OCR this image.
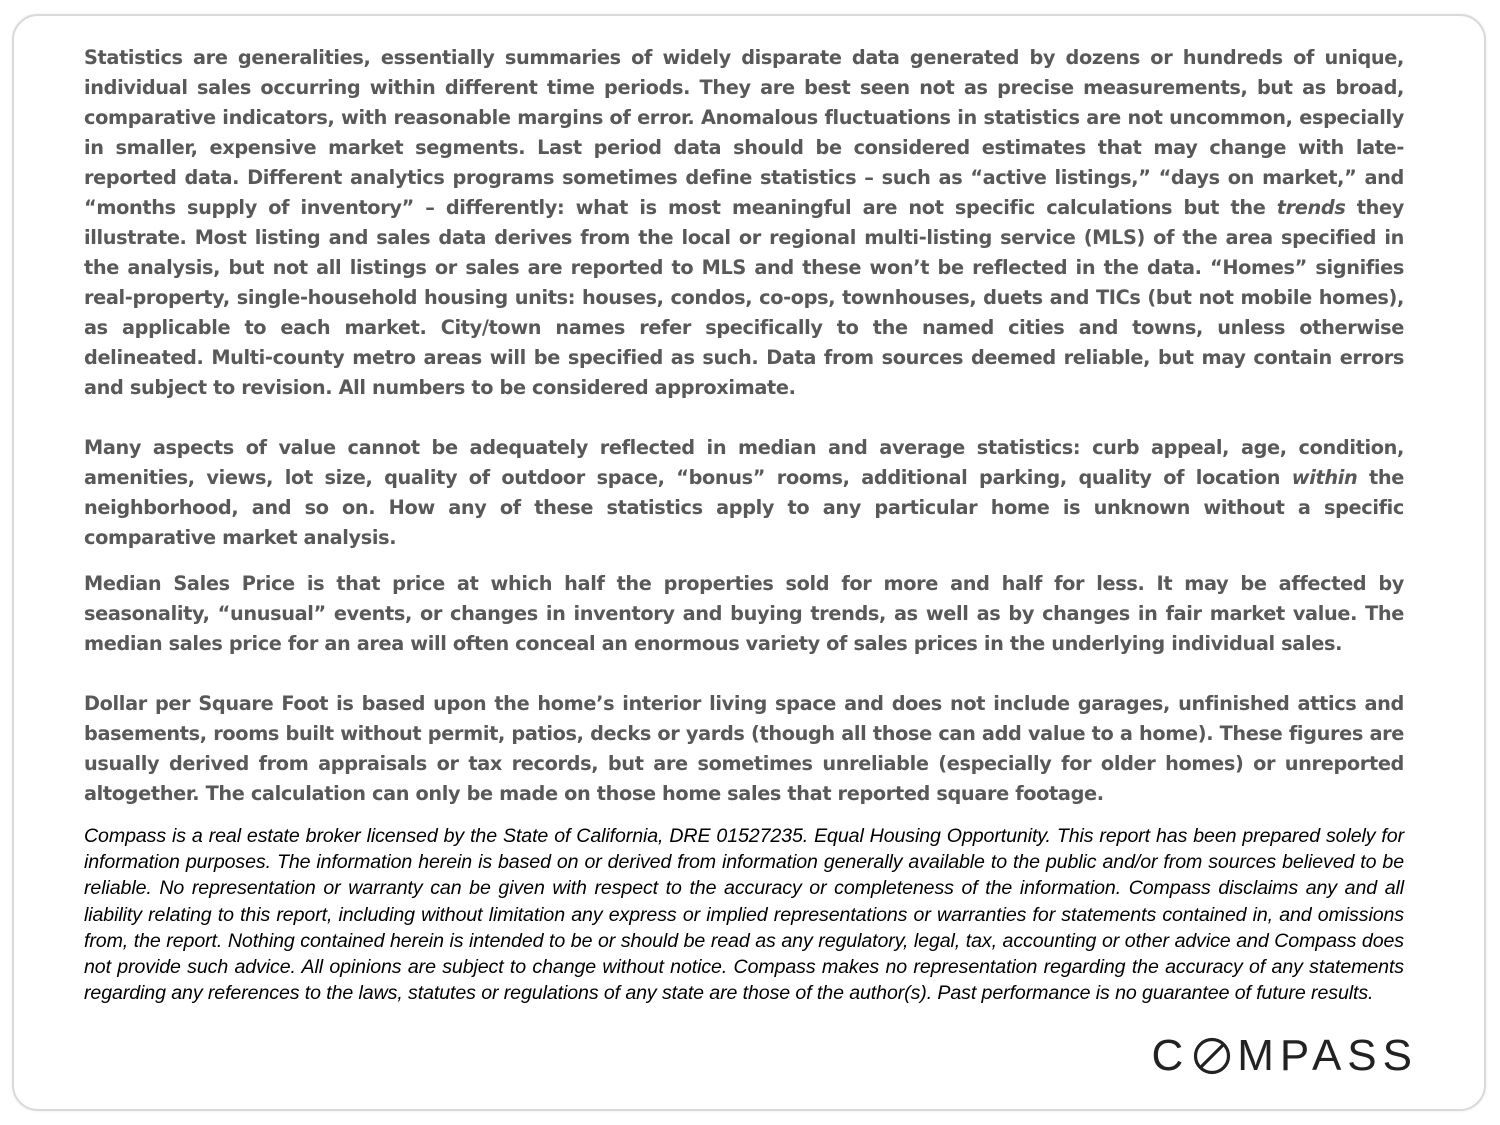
Statistics are generalities, essentially summaries of widely disparate data generated by dozens or hundreds of unique, individual sales occurring within different time periods. They are best seen not as precise measurements, but as broad, comparative indicators, with reasonable margins of error. Anomalous fluctuations in statistics are not uncommon, especially in smaller, expensive market segments. Last period data should be considered estimates that may change with late-reported data. Different analytics programs sometimes define statistics – such as “active listings,” “days on market,” and “months supply of inventory” – differently: what is most meaningful are not specific calculations but the trends they illustrate. Most listing and sales data derives from the local or regional multi-listing service (MLS) of the area specified in the analysis, but not all listings or sales are reported to MLS and these won’t be reflected in the data. “Homes” signifies real-property, single-household housing units: houses, condos, co-ops, townhouses, duets and TICs (but not mobile homes), as applicable to each market. City/town names refer specifically to the named cities and towns, unless otherwise delineated. Multi-county metro areas will be specified as such. Data from sources deemed reliable, but may contain errors and subject to revision. All numbers to be considered approximate.

Many aspects of value cannot be adequately reflected in median and average statistics: curb appeal, age, condition, amenities, views, lot size, quality of outdoor space, “bonus” rooms, additional parking, quality of location within the neighborhood, and so on. How any of these statistics apply to any particular home is unknown without a specific comparative market analysis.

Median Sales Price is that price at which half the properties sold for more and half for less. It may be affected by seasonality, “unusual” events, or changes in inventory and buying trends, as well as by changes in fair market value. The median sales price for an area will often conceal an enormous variety of sales prices in the underlying individual sales.

Dollar per Square Foot is based upon the home’s interior living space and does not include garages, unfinished attics and basements, rooms built without permit, patios, decks or yards (though all those can add value to a home). These figures are usually derived from appraisals or tax records, but are sometimes unreliable (especially for older homes) or unreported altogether. The calculation can only be made on those home sales that reported square footage.

Compass is a real estate broker licensed by the State of California, DRE 01527235. Equal Housing Opportunity. This report has been prepared solely for information purposes. The information herein is based on or derived from information generally available to the public and/or from sources believed to be reliable. No representation or warranty can be given with respect to the accuracy or completeness of the information. Compass disclaims any and all liability relating to this report, including without limitation any express or implied representations or warranties for statements contained in, and omissions from, the report. Nothing contained herein is intended to be or should be read as any regulatory, legal, tax, accounting or other advice and Compass does not provide such advice. All opinions are subject to change without notice. Compass makes no representation regarding the accuracy of any statements regarding any references to the laws, statutes or regulations of any state are those of the author(s). Past performance is no guarantee of future results.

C MPASS
